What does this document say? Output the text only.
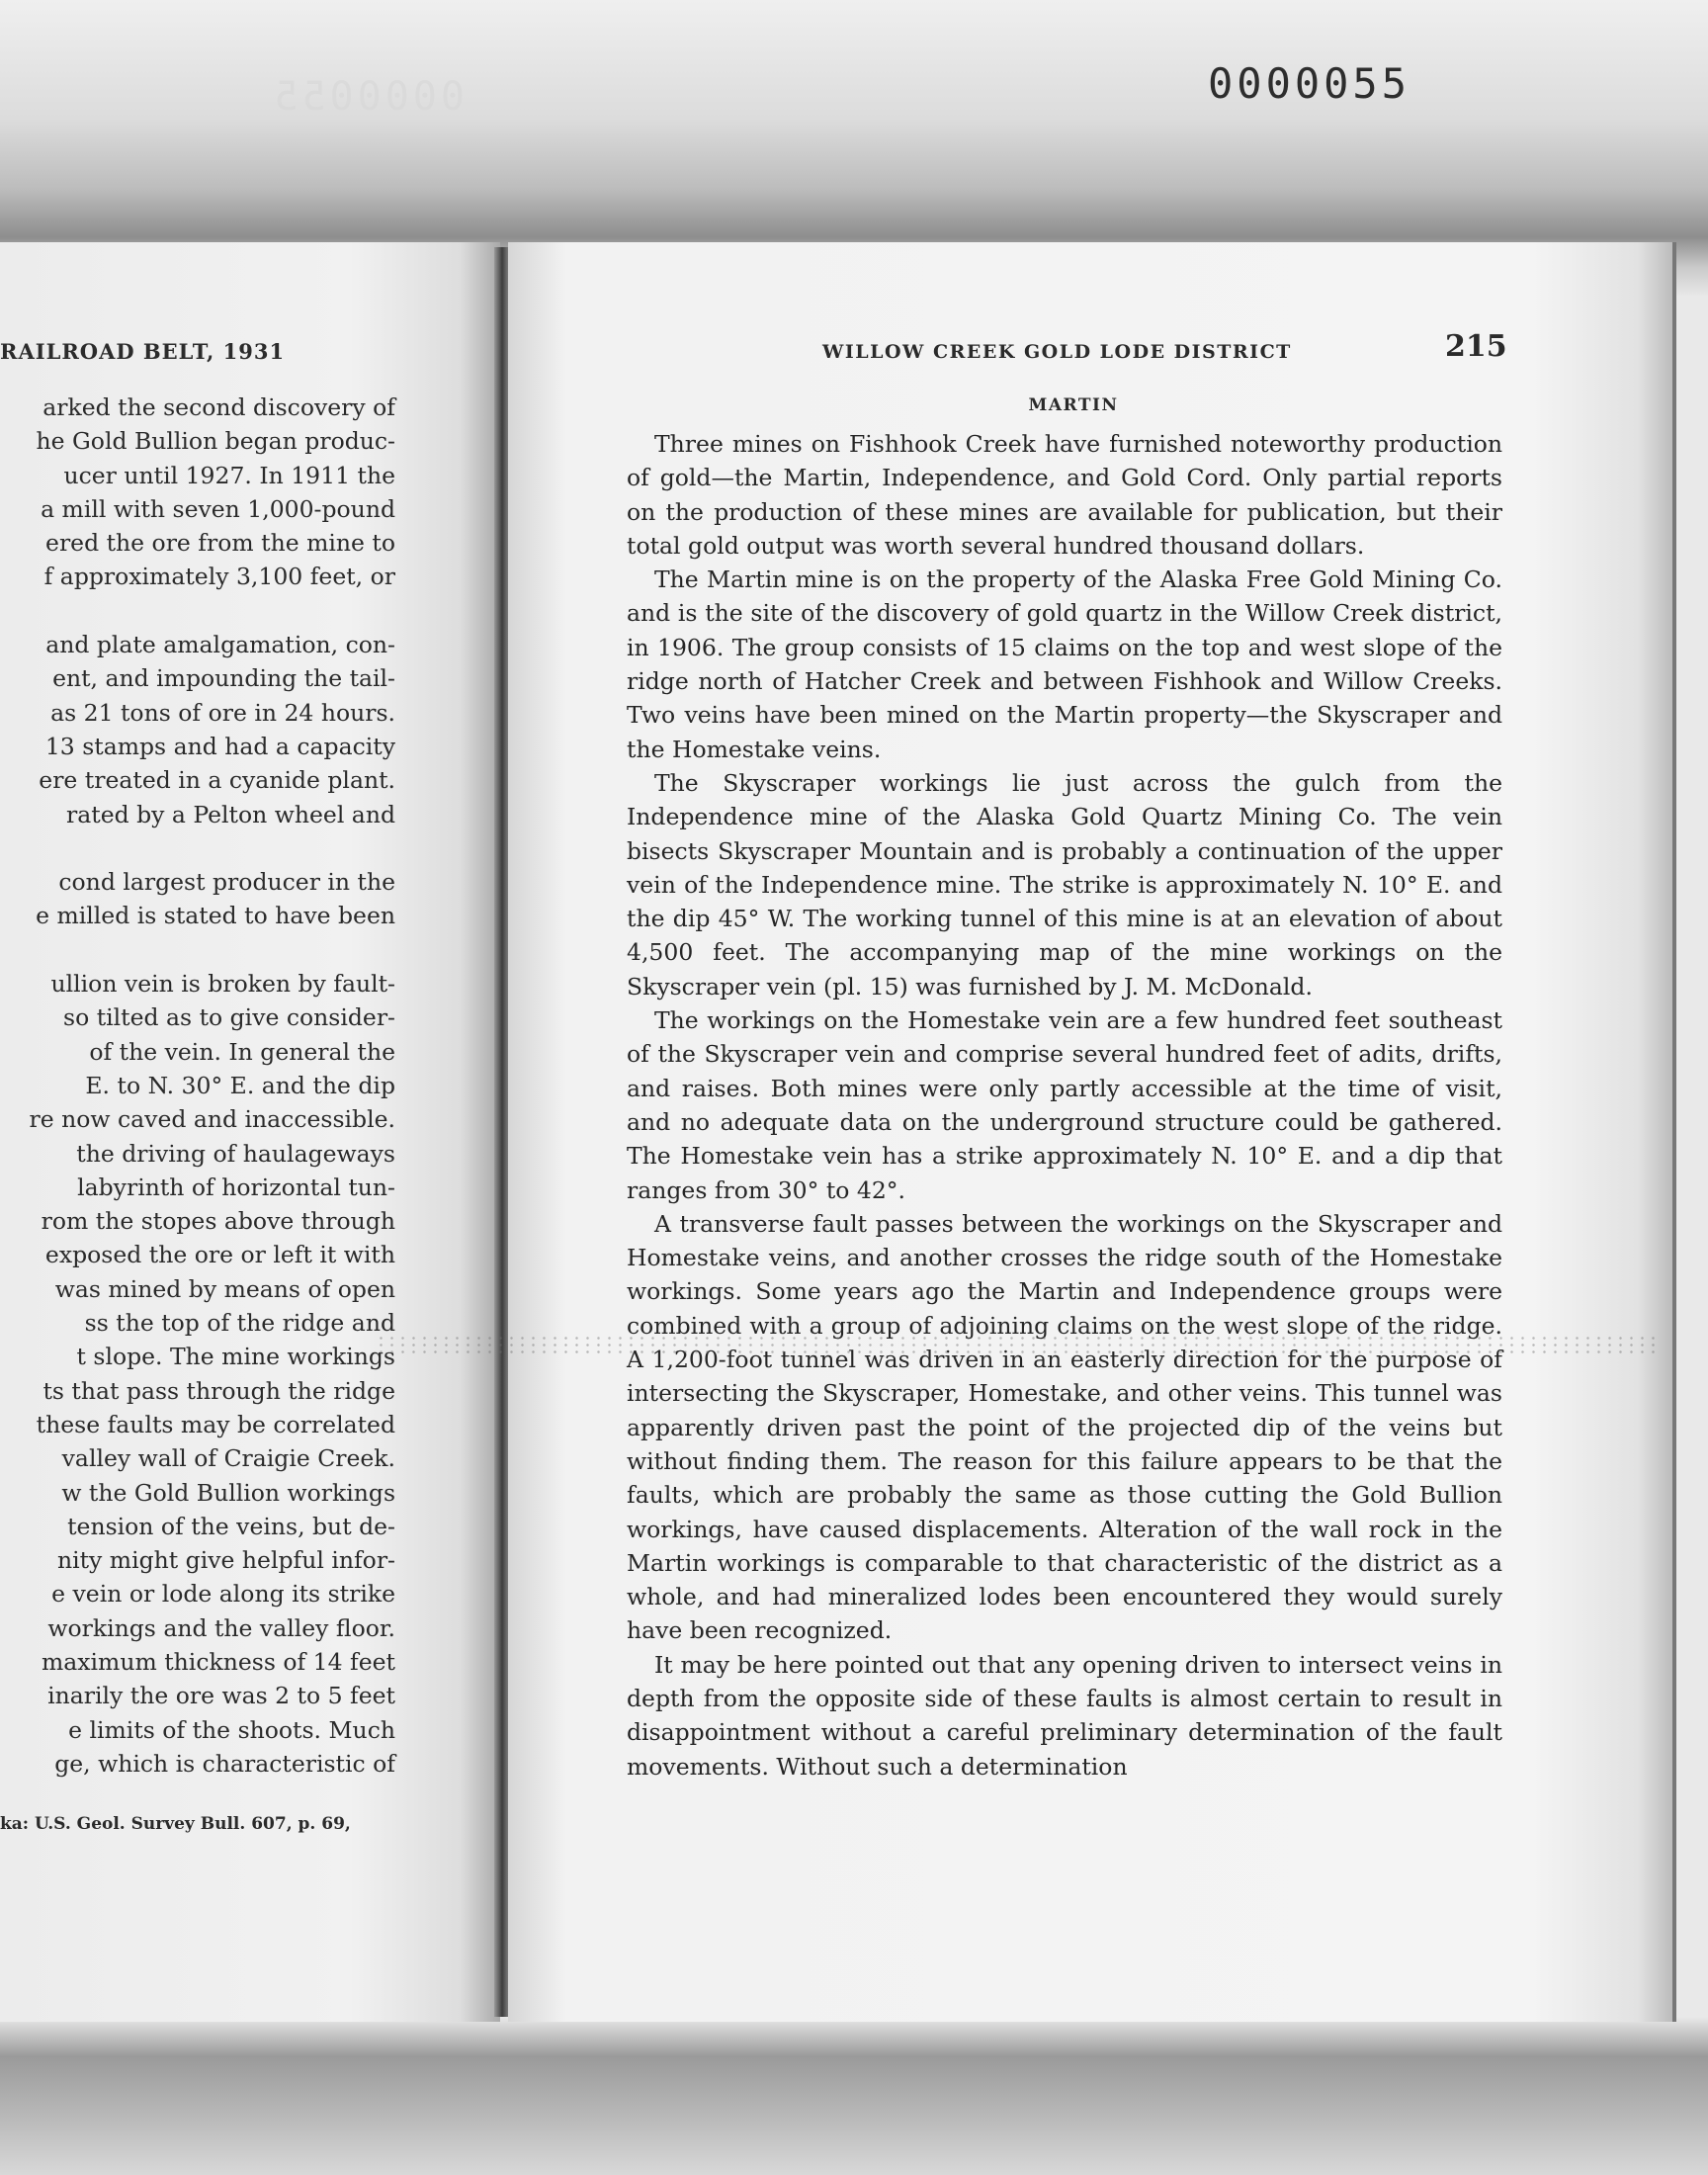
0000055	0000055
RAILROAD BELT, 1931
arked the second discovery of
he Gold Bullion began produc-
ucer until 1927. In 1911 the
a mill with seven 1,000-pound
ered the ore from the mine to
f approximately 3,100 feet, or
and plate amalgamation, con-
ent, and impounding the tail-
as 21 tons of ore in 24 hours.
13 stamps and had a capacity
ere treated in a cyanide plant.
rated by a Pelton wheel and
cond largest producer in the
e milled is stated to have been
ullion vein is broken by fault-
so tilted as to give consider-
of the vein. In general the
E. to N. 30° E. and the dip
re now caved and inaccessible.
the driving of haulageways
labyrinth of horizontal tun-
rom the stopes above through
exposed the ore or left it with
was mined by means of open
ss the top of the ridge and
t slope. The mine workings
ts that pass through the ridge
these faults may be correlated
valley wall of Craigie Creek.
w the Gold Bullion workings
tension of the veins, but de-
nity might give helpful infor-
e vein or lode along its strike
workings and the valley floor.
maximum thickness of 14 feet
inarily the ore was 2 to 5 feet
e limits of the shoots. Much
ge, which is characteristic of
ka: U.S. Geol. Survey Bull. 607, p. 69,
WILLOW CREEK GOLD LODE DISTRICT	215
MARTIN

Three mines on Fishhook Creek have furnished noteworthy production of gold—the Martin, Independence, and Gold Cord. Only partial reports on the production of these mines are available for publication, but their total gold output was worth several hundred thousand dollars.

The Martin mine is on the property of the Alaska Free Gold Mining Co. and is the site of the discovery of gold quartz in the Willow Creek district, in 1906. The group consists of 15 claims on the top and west slope of the ridge north of Hatcher Creek and between Fishhook and Willow Creeks. Two veins have been mined on the Martin property—the Skyscraper and the Homestake veins.

The Skyscraper workings lie just across the gulch from the Independence mine of the Alaska Gold Quartz Mining Co. The vein bisects Skyscraper Mountain and is probably a continuation of the upper vein of the Independence mine. The strike is approximately N. 10° E. and the dip 45° W. The working tunnel of this mine is at an elevation of about 4,500 feet. The accompanying map of the mine workings on the Skyscraper vein (pl. 15) was furnished by J. M. McDonald.

The workings on the Homestake vein are a few hundred feet southeast of the Skyscraper vein and comprise several hundred feet of adits, drifts, and raises. Both mines were only partly accessible at the time of visit, and no adequate data on the underground structure could be gathered. The Homestake vein has a strike approximately N. 10° E. and a dip that ranges from 30° to 42°.

A transverse fault passes between the workings on the Skyscraper and Homestake veins, and another crosses the ridge south of the Homestake workings. Some years ago the Martin and Independence groups were combined with a group of adjoining claims on the west slope of the ridge. A 1,200-foot tunnel was driven in an easterly direction for the purpose of intersecting the Skyscraper, Homestake, and other veins. This tunnel was apparently driven past the point of the projected dip of the veins but without finding them. The reason for this failure appears to be that the faults, which are probably the same as those cutting the Gold Bullion workings, have caused displacements. Alteration of the wall rock in the Martin workings is comparable to that characteristic of the district as a whole, and had mineralized lodes been encountered they would surely have been recognized.

It may be here pointed out that any opening driven to intersect veins in depth from the opposite side of these faults is almost certain to result in disappointment without a careful preliminary determination of the fault movements. Without such a determination
